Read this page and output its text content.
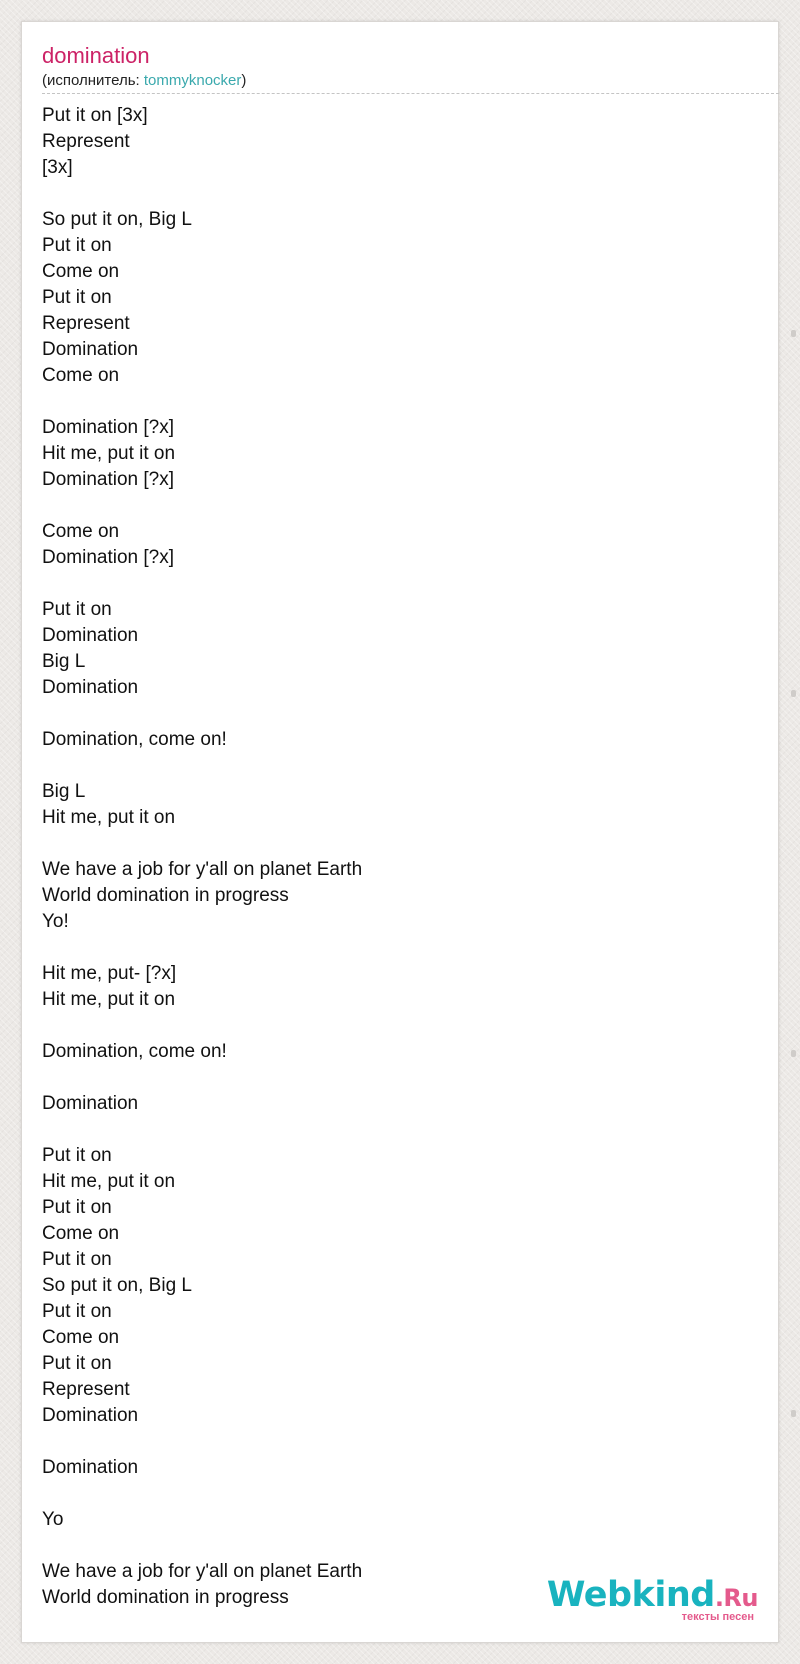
domination
(исполнитель: tommyknocker)
Put it on [3x]
Represent
[3x]
So put it on, Big L
Put it on
Come on
Put it on
Represent
Domination
Come on
Domination [?x]
Hit me, put it on
Domination [?x]
Come on
Domination [?x]
Put it on
Domination
Big L
Domination
Domination, come on!
Big L
Hit me, put it on
We have a job for y'all on planet Earth
World domination in progress
Yo!
Hit me, put- [?x]
Hit me, put it on
Domination, come on!
Domination
Put it on
Hit me, put it on
Put it on
Come on
Put it on
So put it on, Big L
Put it on
Come on
Put it on
Represent
Domination
Domination
Yo
We have a job for y'all on planet Earth
World domination in progress	Webkind.Ru
тексты песен
